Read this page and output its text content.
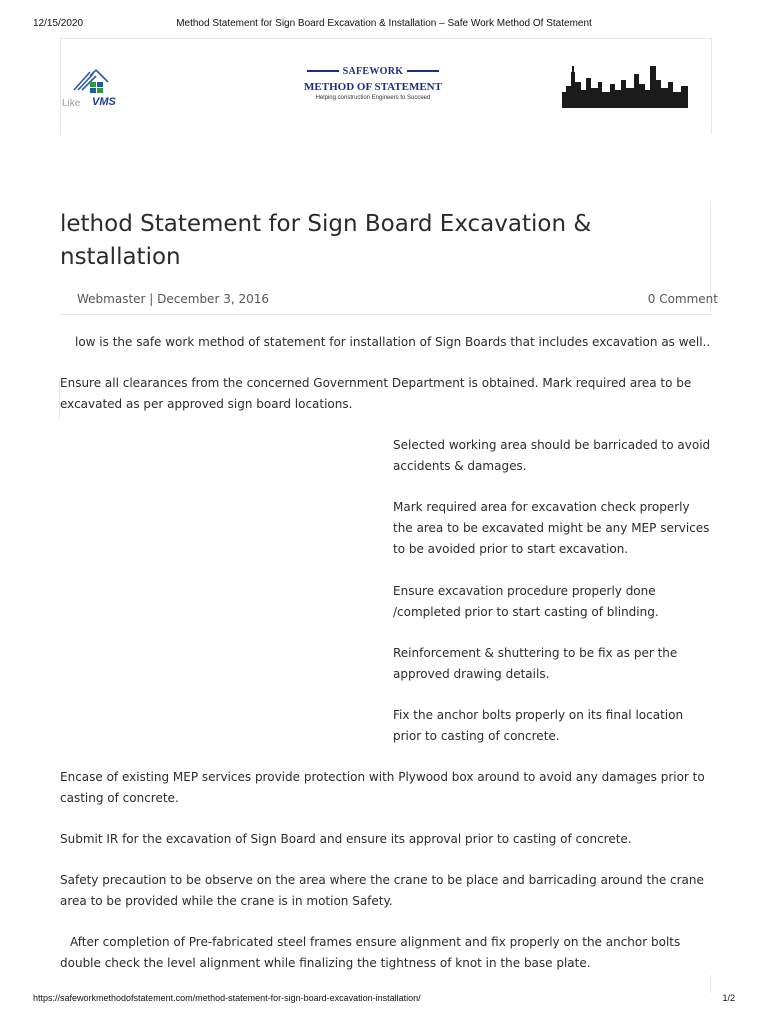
12/15/2020	Method Statement for Sign Board Excavation & Installation – Safe Work Method Of Statement
Like VMS
SAFEWORK
METHOD OF STATEMENT
Helping construction Engineers to Succeed
lethod Statement for Sign Board Excavation & nstallation
Webmaster | December 3, 2016	0 Comment

low is the safe work method of statement for installation of Sign Boards that includes excavation as well..

Ensure all clearances from the concerned Government Department is obtained. Mark required area to be excavated as per approved sign board locations.

Selected working area should be barricaded to avoid accidents & damages.

Mark required area for excavation check properly the area to be excavated might be any MEP services to be avoided prior to start excavation.

Ensure excavation procedure properly done /completed prior to start casting of blinding.

Reinforcement & shuttering to be fix as per the approved drawing details.

Fix the anchor bolts properly on its final location prior to casting of concrete.

Encase of existing MEP services provide protection with Plywood box around to avoid any damages prior to casting of concrete.

Submit IR for the excavation of Sign Board and ensure its approval prior to casting of concrete.

Safety precaution to be observe on the area where the crane to be place and barricading around the crane area to be provided while the crane is in motion Safety.

After completion of Pre-fabricated steel frames ensure alignment and fix properly on the anchor bolts double check the level alignment while finalizing the tightness of knot in the base plate.

https://safeworkmethodofstatement.com/method-statement-for-sign-board-excavation-installation/	1/2
